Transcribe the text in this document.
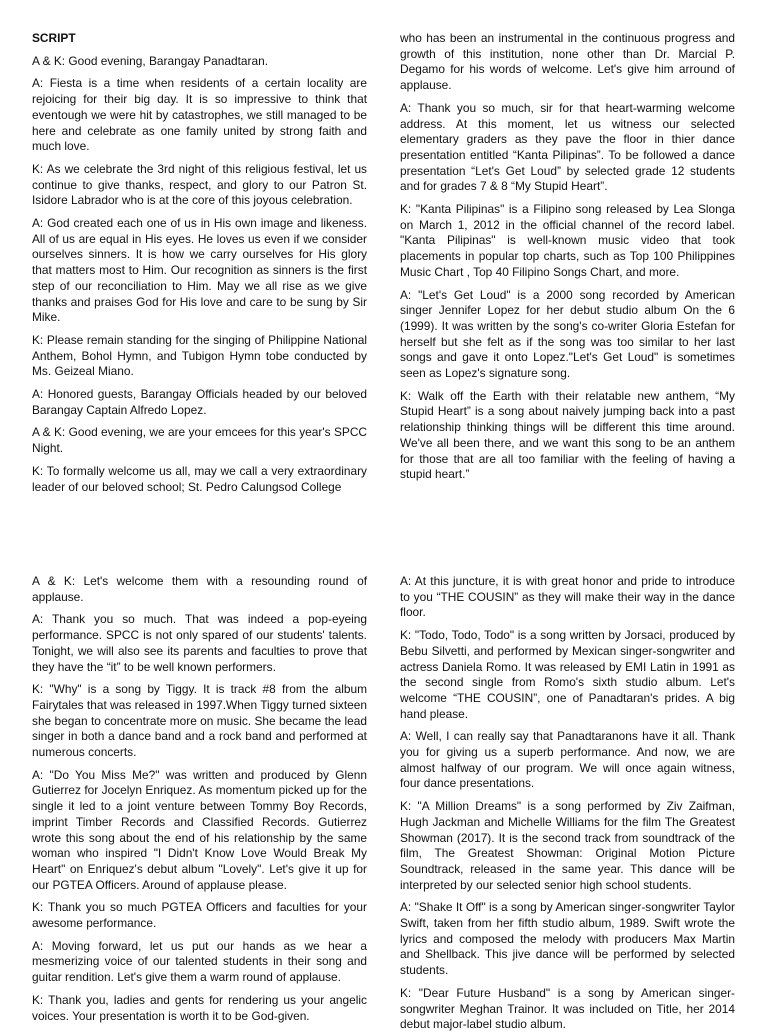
SCRIPT

A & K: Good evening, Barangay Panadtaran.

A: Fiesta is a time when residents of a certain locality are rejoicing for their big day. It is so impressive to think that eventough we were hit by catastrophes, we still managed to be here and celebrate as one family united by strong faith and much love.

K: As we celebrate the 3rd night of this religious festival, let us continue to give thanks, respect, and glory to our Patron St. Isidore Labrador who is at the core of this joyous celebration.

A: God created each one of us in His own image and likeness. All of us are equal in His eyes. He loves us even if we consider ourselves sinners. It is how we carry ourselves for His glory that matters most to Him. Our recognition as sinners is the first step of our reconciliation to Him. May we all rise as we give thanks and praises God for His love and care to be sung by Sir Mike.

K: Please remain standing for the singing of Philippine National Anthem, Bohol Hymn, and Tubigon Hymn tobe conducted by Ms. Geizeal Miano.

A: Honored guests, Barangay Officials headed by our beloved Barangay Captain Alfredo Lopez.

A & K: Good evening, we are your emcees for this year's SPCC Night.

K: To formally welcome us all, may we call a very extraordinary leader of our beloved school; St. Pedro Calungsod College

who has been an instrumental in the continuous progress and growth of this institution, none other than Dr. Marcial P. Degamo for his words of welcome. Let's give him arround of applause.

A: Thank you so much, sir for that heart-warming welcome address. At this moment, let us witness our selected elementary graders as they pave the floor in thier dance presentation entitled “Kanta Pilipinas”. To be followed a dance presentation “Let's Get Loud” by selected grade 12 students and for grades 7 & 8 “My Stupid Heart”.

K: "Kanta Pilipinas" is a Filipino song released by Lea Slonga on March 1, 2012 in the official channel of the record label. "Kanta Pilipinas" is well-known music video that took placements in popular top charts, such as Top 100 Philippines Music Chart , Top 40 Filipino Songs Chart, and more.

A: "Let's Get Loud" is a 2000 song recorded by American singer Jennifer Lopez for her debut studio album On the 6 (1999). It was written by the song's co-writer Gloria Estefan for herself but she felt as if the song was too similar to her last songs and gave it onto Lopez."Let's Get Loud" is sometimes seen as Lopez's signature song.

K: Walk off the Earth with their relatable new anthem, “My Stupid Heart” is a song about naively jumping back into a past relationship thinking things will be different this time around. We've all been there, and we want this song to be an anthem for those that are all too familiar with the feeling of having a stupid heart.”

A & K: Let's welcome them with a resounding round of applause.

A: Thank you so much. That was indeed a pop-eyeing performance. SPCC is not only spared of our students' talents. Tonight, we will also see its parents and faculties to prove that they have the “it” to be well known performers.

K: "Why" is a song by Tiggy. It is track #8 from the album Fairytales that was released in 1997.When Tiggy turned sixteen she began to concentrate more on music. She became the lead singer in both a dance band and a rock band and performed at numerous concerts.

A: "Do You Miss Me?" was written and produced by Glenn Gutierrez for Jocelyn Enriquez. As momentum picked up for the single it led to a joint venture between Tommy Boy Records, imprint Timber Records and Classified Records. Gutierrez wrote this song about the end of his relationship by the same woman who inspired "I Didn't Know Love Would Break My Heart" on Enriquez's debut album "Lovely". Let's give it up for our PGTEA Officers. Around of applause please.

K: Thank you so much PGTEA Officers and faculties for your awesome performance.

A: Moving forward, let us put our hands as we hear a mesmerizing voice of our talented students in their song and guitar rendition. Let's give them a warm round of applause.

K: Thank you, ladies and gents for rendering us your angelic voices. Your presentation is worth it to be God-given.

A: At this juncture, it is with great honor and pride to introduce to you “THE COUSIN” as they will make their way in the dance floor.

K: "Todo, Todo, Todo" is a song written by Jorsaci, produced by Bebu Silvetti, and performed by Mexican singer-songwriter and actress Daniela Romo. It was released by EMI Latin in 1991 as the second single from Romo's sixth studio album. Let's welcome “THE COUSIN”, one of Panadtaran's prides. A big hand please.

A: Well, I can really say that Panadtaranons have it all. Thank you for giving us a superb performance. And now, we are almost halfway of our program. We will once again witness, four dance presentations.

K: "A Million Dreams" is a song performed by Ziv Zaifman, Hugh Jackman and Michelle Williams for the film The Greatest Showman (2017). It is the second track from soundtrack of the film, The Greatest Showman: Original Motion Picture Soundtrack, released in the same year. This dance will be interpreted by our selected senior high school students.

A: "Shake It Off" is a song by American singer-songwriter Taylor Swift, taken from her fifth studio album, 1989. Swift wrote the lyrics and composed the melody with producers Max Martin and Shellback. This jive dance will be performed by selected students.

K: "Dear Future Husband" is a song by American singer-songwriter Meghan Trainor. It was included on Title, her 2014 debut major-label studio album.
